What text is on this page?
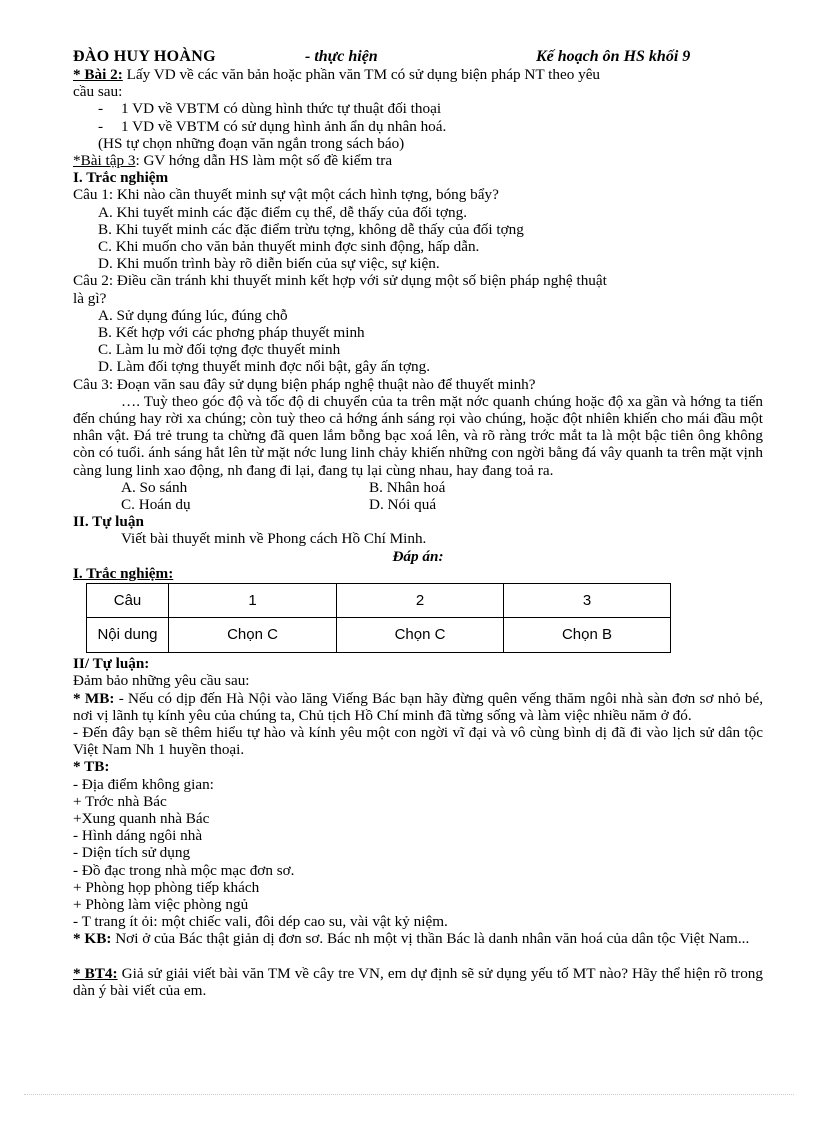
ĐÀO HUY HOÀNG	- thực hiện	Kế hoạch ôn HS khối 9
* Bài 2: Lấy VD về các văn bản hoặc phần văn TM có sử dụng biện pháp NT theo yêu
cầu sau:
- 1 VD về VBTM có dùng hình thức tự thuật đối thoại
- 1 VD về VBTM có sử dụng hình ảnh ẩn dụ nhân hoá.
(HS tự chọn những đoạn văn ngắn trong sách báo)
*Bài tập 3: GV hớng dẫn HS làm một số đề kiểm tra
I. Trắc nghiệm
Câu 1: Khi nào cần thuyết minh sự vật một cách hình tợng, bóng bẩy?
A. Khi tuyết minh các đặc điểm cụ thể, dễ thấy của đối tợng.
B. Khi tuyết minh các đặc điểm trừu tợng, không dễ thấy của đối tợng
C. Khi muốn cho văn bản thuyết minh đợc sinh động, hấp dẫn.
D. Khi muốn trình bày rõ diễn biến của sự việc, sự kiện.
Câu 2: Điều cần tránh khi thuyết minh kết hợp với sử dụng một số biện pháp nghệ thuật
là gì?
A. Sử dụng đúng lúc, đúng chỗ
B. Kết hợp với các phơng pháp thuyết minh
C. Làm lu mờ đối tợng đợc thuyết minh
D. Làm đối tợng thuyết minh đợc nổi bật, gây ấn tợng.
Câu 3: Đoạn văn sau đây sử dụng biện pháp nghệ thuật nào để thuyết minh?
…. Tuỳ theo góc độ và tốc độ di chuyển của ta trên mặt nớc quanh chúng hoặc độ xa gần và hớng ta tiến đến chúng hay rời xa chúng; còn tuỳ theo cả hớng ánh sáng rọi vào chúng, hoặc đột nhiên khiến cho mái đầu một nhân vật. Đá trẻ trung ta chừng đã quen lắm bỗng bạc xoá lên, và rõ ràng trớc mắt ta là một bậc tiên ông không còn có tuổi. ánh sáng hắt lên từ mặt nớc lung linh chảy khiến những con ngời bằng đá vây quanh ta trên mặt vịnh càng lung linh xao động, nh đang đi lại, đang tụ lại cùng nhau, hay đang toả ra.
A. So sánh	B. Nhân hoá
C. Hoán dụ	D. Nói quá
II. Tự luận
Viết bài thuyết minh về Phong cách Hồ Chí Minh.
Đáp án:
I. Trắc nghiệm:
Câu	1	2	3
Nội dung	Chọn C	Chọn C	Chọn B
II/ Tự luận:
Đảm bảo những yêu cầu sau:
* MB: - Nếu có dịp đến Hà Nội vào lăng Viếng Bác bạn hãy đừng quên vếng thăm ngôi nhà sàn đơn sơ nhỏ bé, nơi vị lãnh tụ kính yêu của chúng ta, Chủ tịch Hồ Chí minh đã từng sống và làm việc nhiều năm ở đó.
- Đến đây bạn sẽ thêm hiểu tự hào và kính yêu một con ngời vĩ đại và vô cùng bình dị đã đi vào lịch sử dân tộc Việt Nam Nh 1 huyền thoại.
* TB:
- Địa điểm không gian:
+ Trớc nhà Bác
+Xung quanh nhà Bác
- Hình dáng ngôi nhà
- Diện tích sử dụng
- Đồ đạc trong nhà mộc mạc đơn sơ.
+ Phòng họp phòng tiếp khách
+ Phòng làm việc phòng ngủ
- T trang ít ỏi: một chiếc vali, đôi dép cao su, vài vật kỷ niệm.
* KB: Nơi ở của Bác thật giản dị đơn sơ. Bác nh một vị thần Bác là danh nhân văn hoá của dân tộc Việt Nam...
* BT4: Giả sử giải viết bài văn TM về cây tre VN, em dự định sẽ sử dụng yếu tố MT nào? Hãy thể hiện rõ trong dàn ý bài viết của em.
